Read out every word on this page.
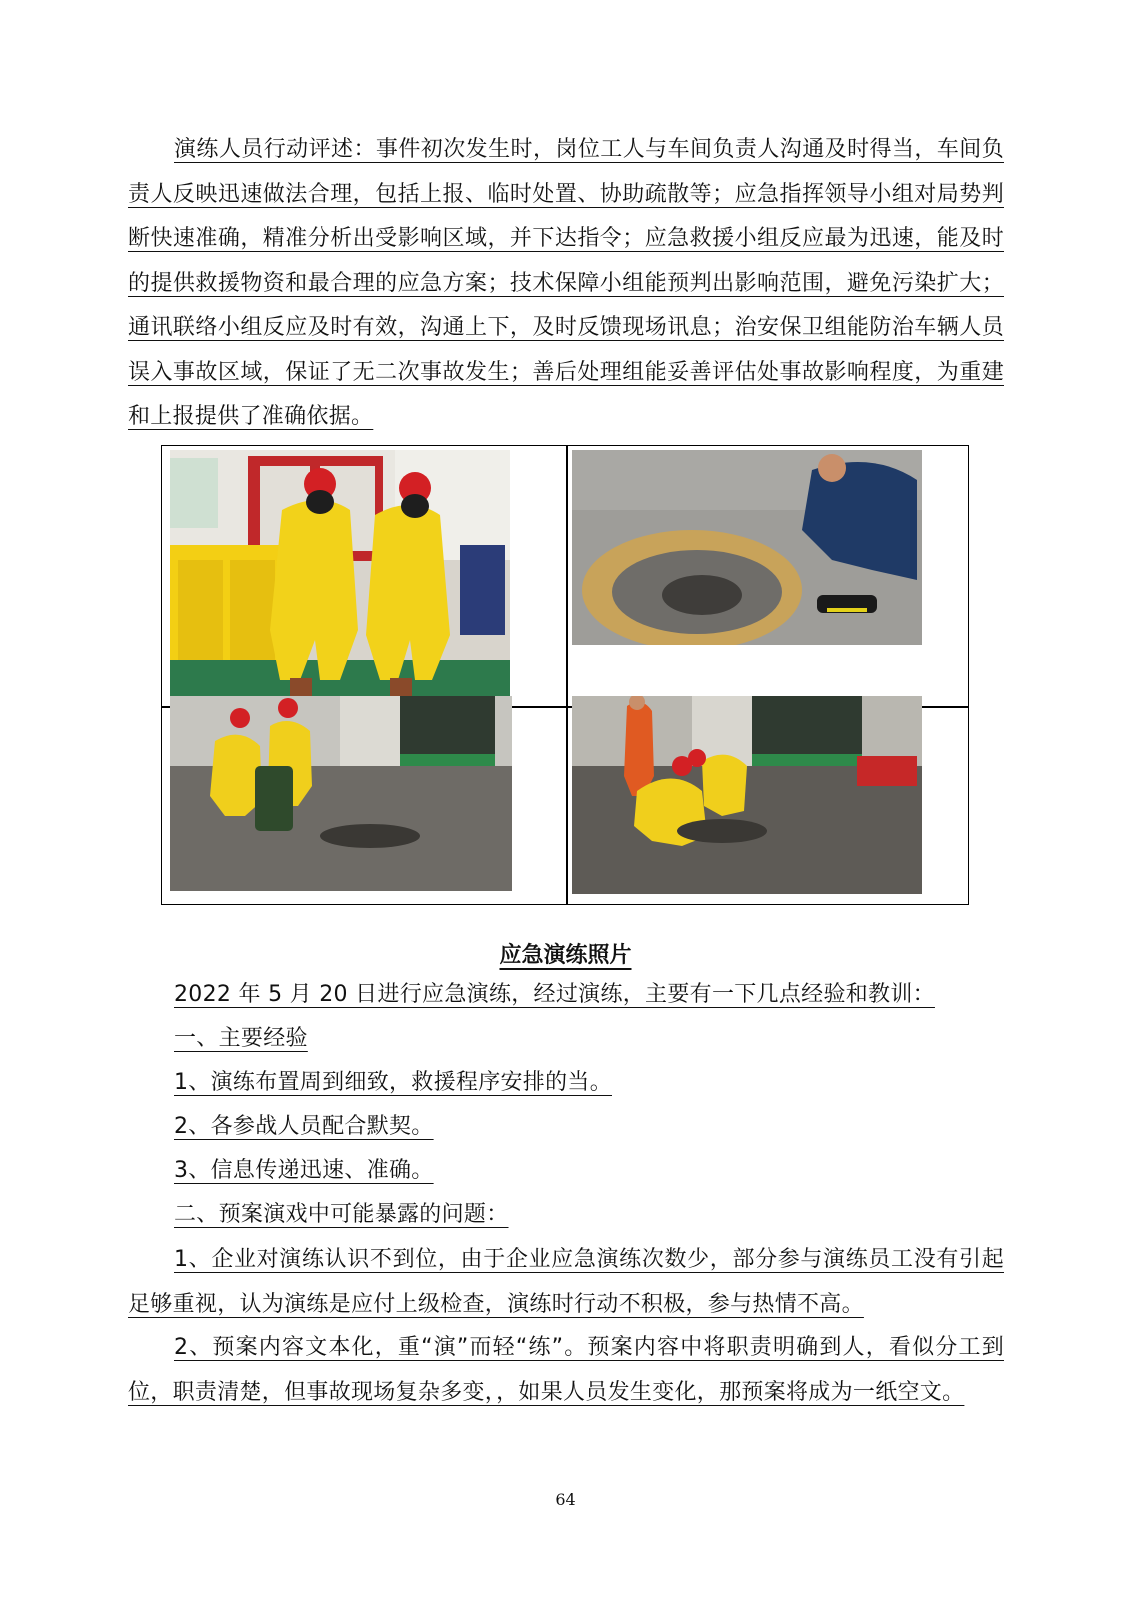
演练人员行动评述：事件初次发生时，岗位工人与车间负责人沟通及时得当，车间负责人反映迅速做法合理，包括上报、临时处置、协助疏散等；应急指挥领导小组对局势判断快速准确，精准分析出受影响区域，并下达指令；应急救援小组反应最为迅速，能及时的提供救援物资和最合理的应急方案；技术保障小组能预判出影响范围，避免污染扩大；通讯联络小组反应及时有效，沟通上下，及时反馈现场讯息；治安保卫组能防治车辆人员误入事故区域，保证了无二次事故发生；善后处理组能妥善评估处事故影响程度，为重建和上报提供了准确依据。
应急演练照片
2022 年 5 月 20 日进行应急演练，经过演练，主要有一下几点经验和教训：
一、主要经验
1、演练布置周到细致，救援程序安排的当。
2、各参战人员配合默契。
3、信息传递迅速、准确。
二、预案演戏中可能暴露的问题：
1、企业对演练认识不到位，由于企业应急演练次数少，部分参与演练员工没有引起足够重视，认为演练是应付上级检查，演练时行动不积极，参与热情不高。
2、预案内容文本化，重“演”而轻“练”。预案内容中将职责明确到人，看似分工到位，职责清楚，但事故现场复杂多变，，如果人员发生变化，那预案将成为一纸空文。
64
